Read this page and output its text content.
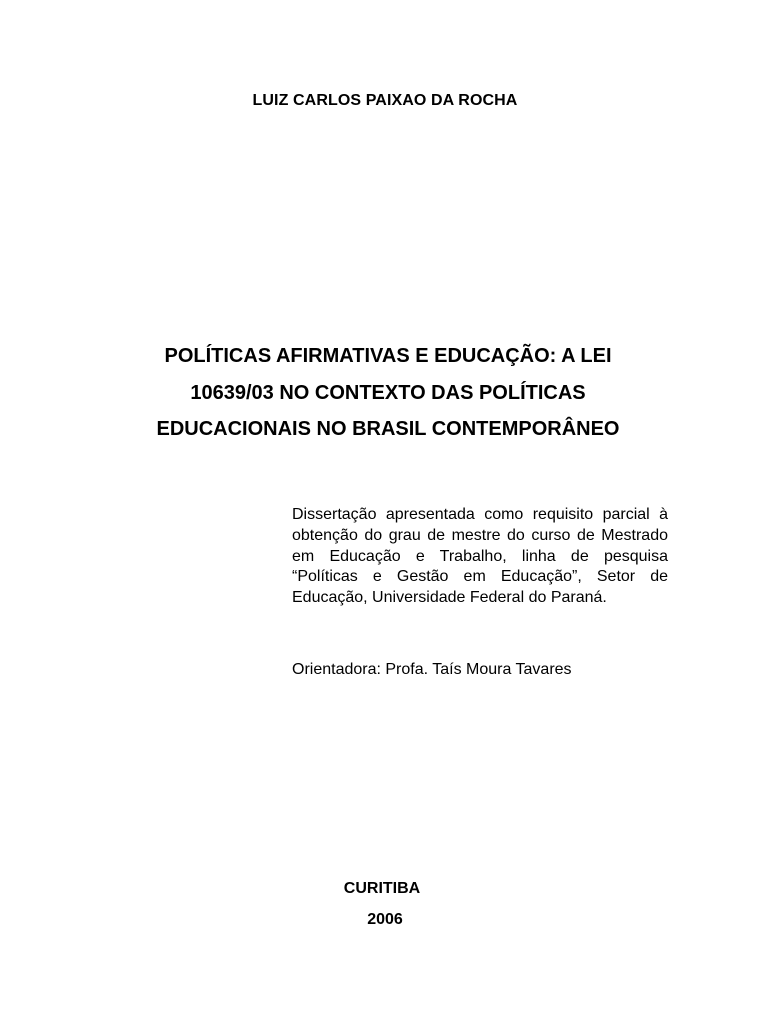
LUIZ CARLOS PAIXAO DA ROCHA
POLÍTICAS AFIRMATIVAS E EDUCAÇÃO: A LEI
10639/03 NO CONTEXTO DAS POLÍTICAS
EDUCACIONAIS NO BRASIL CONTEMPORÂNEO
Dissertação apresentada como requisito parcial à obtenção do grau de mestre do curso de Mestrado em Educação e Trabalho, linha de pesquisa “Políticas e Gestão em Educação”, Setor de Educação, Universidade Federal do Paraná.
Orientadora: Profa. Taís Moura Tavares
CURITIBA
2006
